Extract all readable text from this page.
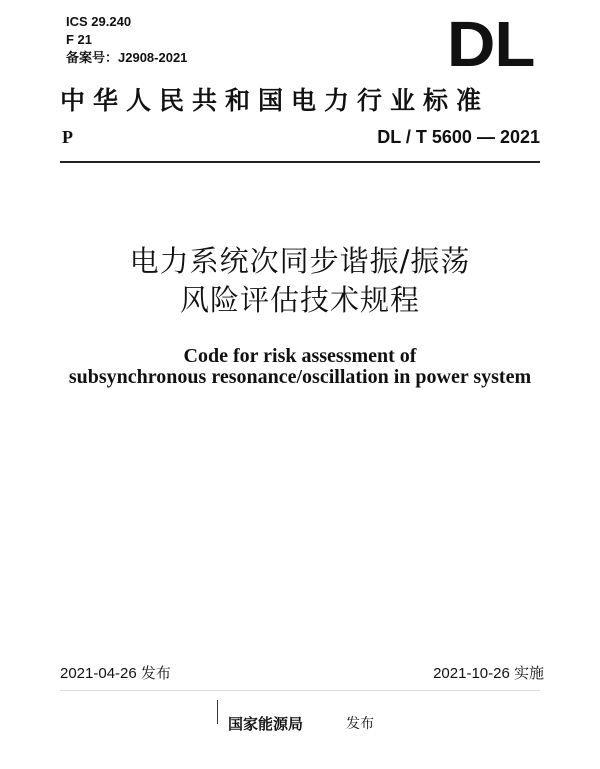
ICS 29.240
F 21
备案号：J2908-2021	DL
中华人民共和国电力行业标准
P	DL / T 5600 — 2021
电力系统次同步谐振/振荡
风险评估技术规程
Code for risk assessment of
subsynchronous resonance/oscillation in power system
2021-04-26 发布	2021-10-26 实施
国家能源局	发布
